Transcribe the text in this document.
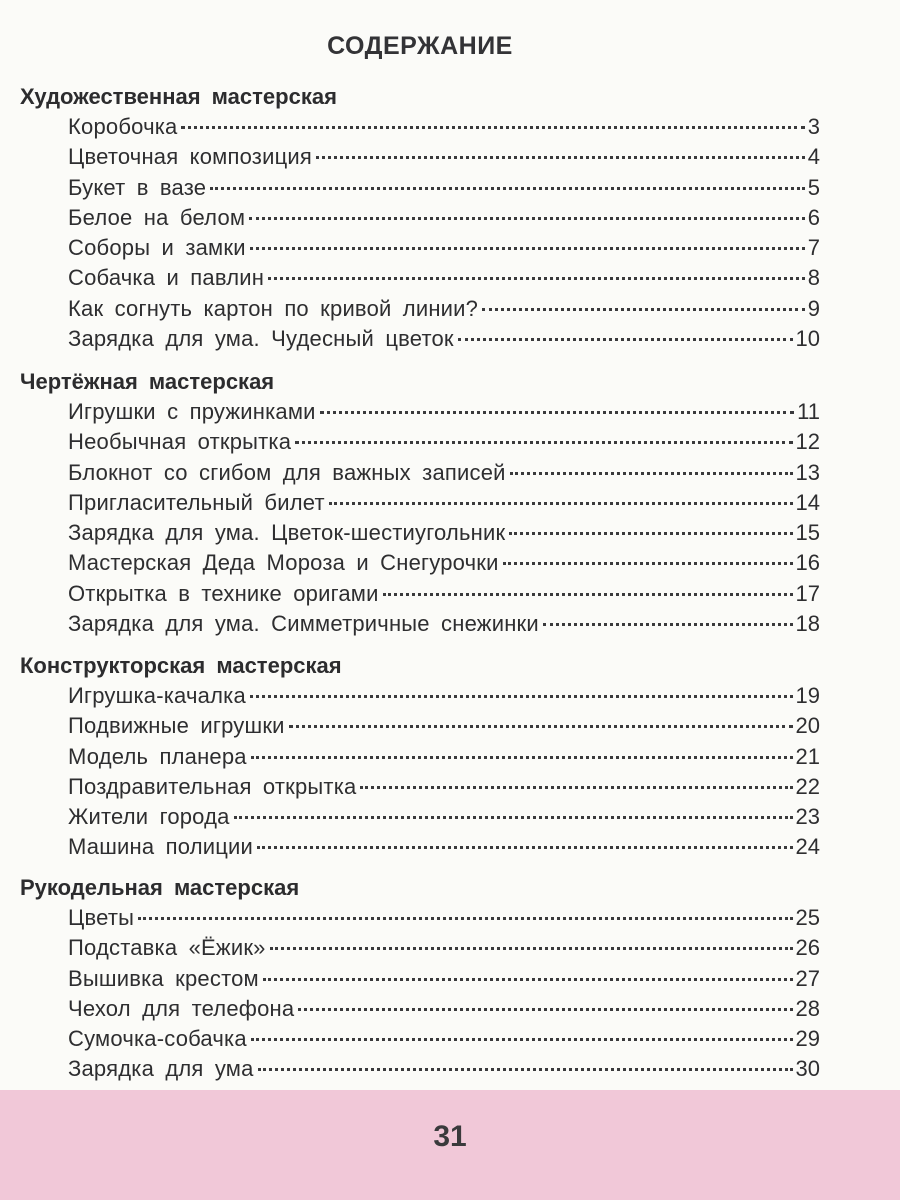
СОДЕРЖАНИЕ
Художественная мастерская
Коробочка	3
Цветочная композиция	4
Букет в вазе	5
Белое на белом	6
Соборы и замки	7
Собачка и павлин	8
Как согнуть картон по кривой линии?	9
Зарядка для ума. Чудесный цветок	10
Чертёжная мастерская
Игрушки с пружинками	11
Необычная открытка	12
Блокнот со сгибом для важных записей	13
Пригласительный билет	14
Зарядка для ума. Цветок-шестиугольник	15
Мастерская Деда Мороза и Снегурочки	16
Открытка в технике оригами	17
Зарядка для ума. Симметричные снежинки	18
Конструкторская мастерская
Игрушка-качалка	19
Подвижные игрушки	20
Модель планера	21
Поздравительная открытка	22
Жители города	23
Машина полиции	24
Рукодельная мастерская
Цветы	25
Подставка «Ёжик»	26
Вышивка крестом	27
Чехол для телефона	28
Сумочка-собачка	29
Зарядка для ума	30
31
